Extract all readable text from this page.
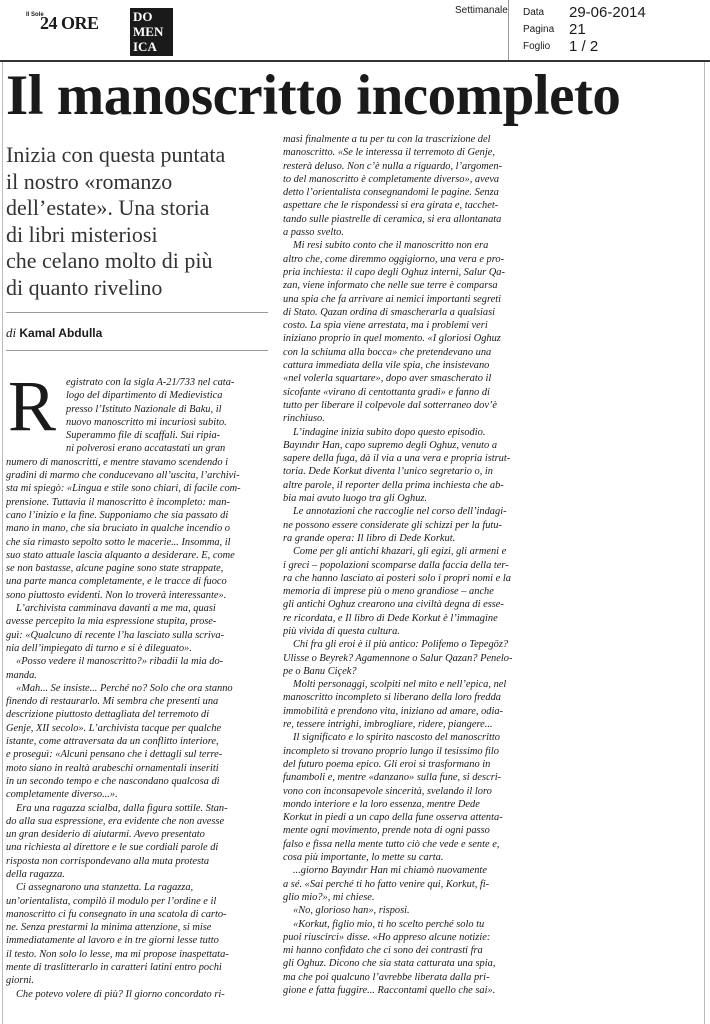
Il Sole
24 ORE	DO
MEN
ICA
Settimanale Data 29-06-2014
Pagina 21
Foglio 1 / 2
Il manoscritto incompleto
Inizia con questa puntata
il nostro «romanzo
dell’estate». Una storia
di libri misteriosi
che celano molto di più
di quanto rivelino
di Kamal Abdulla
R egistrato con la sigla A-21/733 nel cata-
logo del dipartimento di Medievistica
presso l’Istituto Nazionale di Baku, il
nuovo manoscritto mi incuriosì subito.
Superammo file di scaffali. Sui ripia-
ni polverosi erano accatastati un gran
numero di manoscritti, e mentre stavamo scendendo i
gradini di marmo che conducevano all’uscita, l’archivi-
sta mi spiegò: «Lingua e stile sono chiari, di facile com-
prensione. Tuttavia il manoscritto è incompleto: man-
cano l’inizio e la fine. Supponiamo che sia passato di
mano in mano, che sia bruciato in qualche incendio o
che sia rimasto sepolto sotto le macerie... Insomma, il
suo stato attuale lascia alquanto a desiderare. E, come
se non bastasse, alcune pagine sono state strappate,
una parte manca completamente, e le tracce di fuoco
sono piuttosto evidenti. Non lo troverà interessante».
L’archivista camminava davanti a me ma, quasi
avesse percepito la mia espressione stupita, prose-
guì: «Qualcuno di recente l’ha lasciato sulla scriva-
nia dell’impiegato di turno e si è dileguato».
«Posso vedere il manoscritto?» ribadii la mia do-
manda.
«Mah... Se insiste... Perché no? Solo che ora stanno
finendo di restaurarlo. Mi sembra che presenti una
descrizione piuttosto dettagliata del terremoto di
Genje, XII secolo». L’archivista tacque per qualche
istante, come attraversata da un conflitto interiore,
e proseguì: «Alcuni pensano che i dettagli sul terre-
moto siano in realtà arabeschi ornamentali inseriti
in un secondo tempo e che nascondano qualcosa di
completamente diverso...».
Era una ragazza scialba, dalla figura sottile. Stan-
do alla sua espressione, era evidente che non avesse
un gran desiderio di aiutarmi. Avevo presentato
una richiesta al direttore e le sue cordiali parole di
risposta non corrispondevano alla muta protesta
della ragazza.
Ci assegnarono una stanzetta. La ragazza,
un’orientalista, compilò il modulo per l’ordine e il
manoscritto ci fu consegnato in una scatola di carto-
ne. Senza prestarmi la minima attenzione, si mise
immediatamente al lavoro e in tre giorni lesse tutto
il testo. Non solo lo lesse, ma mi propose inaspettata-
mente di traslitterarlo in caratteri latini entro pochi
giorni.
Che potevo volere di più? Il giorno concordato ri-
masi finalmente a tu per tu con la trascrizione del
manoscritto. «Se le interessa il terremoto di Genje,
resterà deluso. Non c’è nulla a riguardo, l’argomen-
to del manoscritto è completamente diverso», aveva
detto l’orientalista consegnandomi le pagine. Senza
aspettare che le rispondessi si era girata e, tacchet-
tando sulle piastrelle di ceramica, si era allontanata
a passo svelto.
Mi resi subito conto che il manoscritto non era
altro che, come diremmo oggigiorno, una vera e pro-
pria inchiesta: il capo degli Oghuz interni, Salur Qa-
zan, viene informato che nelle sue terre è comparsa
una spia che fa arrivare ai nemici importanti segreti
di Stato. Qazan ordina di smascherarla a qualsiasi
costo. La spia viene arrestata, ma i problemi veri
iniziano proprio in quel momento. «I gloriosi Oghuz
con la schiuma alla bocca» che pretendevano una
cattura immediata della vile spia, che insistevano
«nel volerla squartare», dopo aver smascherato il
sicofante «virano di centottanta gradi» e fanno di
tutto per liberare il colpevole dal sotterraneo dov’è
rinchiuso.
L’indagine inizia subito dopo questo episodio.
Bayındır Han, capo supremo degli Oghuz, venuto a
sapere della fuga, dà il via a una vera e propria istrut-
toria. Dede Korkut diventa l’unico segretario o, in
altre parole, il reporter della prima inchiesta che ab-
bia mai avuto luogo tra gli Oghuz.
Le annotazioni che raccoglie nel corso dell’indagi-
ne possono essere considerate gli schizzi per la futu-
ra grande opera: Il libro di Dede Korkut.
Come per gli antichi khazari, gli egizi, gli armeni e
i greci – popolazioni scomparse dalla faccia della ter-
ra che hanno lasciato ai posteri solo i propri nomi e la
memoria di imprese più o meno grandiose – anche
gli antichi Oghuz crearono una civiltà degna di esse-
re ricordata, e Il libro di Dede Korkut è l’immagine
più vivida di questa cultura.
Chi fra gli eroi è il più antico: Polifemo o Tepegöz?
Ulisse o Beyrek? Agamennone o Salur Qazan? Penelo-
pe o Banu Ciçek?
Molti personaggi, scolpiti nel mito e nell’epica, nel
manoscritto incompleto si liberano della loro fredda
immobilità e prendono vita, iniziano ad amare, odia-
re, tessere intrighi, imbrogliare, ridere, piangere...
Il significato e lo spirito nascosto del manoscritto
incompleto si trovano proprio lungo il tesissimo filo
del futuro poema epico. Gli eroi si trasformano in
funamboli e, mentre «danzano» sulla fune, si descri-
vono con inconsapevole sincerità, svelando il loro
mondo interiore e la loro essenza, mentre Dede
Korkut in piedi a un capo della fune osserva attenta-
mente ogni movimento, prende nota di ogni passo
falso e fissa nella mente tutto ciò che vede e sente e,
cosa più importante, lo mette su carta.
...giorno Bayındır Han mi chiamò nuovamente
a sé. «Sai perché ti ho fatto venire qui, Korkut, fi-
glio mio?», mi chiese.
«No, glorioso han», risposi.
«Korkut, figlio mio, ti ho scelto perché solo tu
puoi riuscirci» disse. «Ho appreso alcune notizie:
mi hanno confidato che ci sono dei contrasti fra
gli Oghuz. Dicono che sia stata catturata una spia,
ma che poi qualcuno l’avrebbe liberata dalla pri-
gione e fatta fuggire... Raccontami quello che sai».
